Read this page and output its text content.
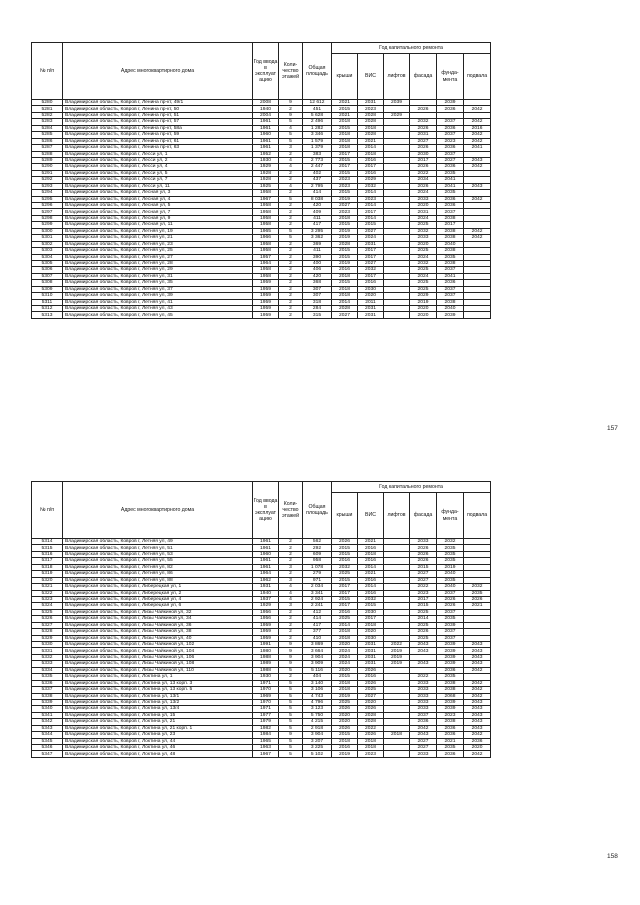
№ п/п	Адрес многоквартирного дома	Год ввода в эксплуат ацию	Коли-чество этажей	Общая площадь	Год капитального ремонта					
					крыши	ВИС	лифтов	фасада	фунда-мента	подвала
5280	Владимирская область, Ковров г, Ленина пр-кт, 49/1	2008	9	12 612	2021	2031	2039		2039	
5281	Владимирская область, Ковров г, Ленина пр-кт, 50	1940	2	451	2015	2023		2026	2036	2042
5282	Владимирская область, Ковров г, Ленина пр-кт, 51	2004	9	5 628	2021	2028	2029			
5283	Владимирская область, Ковров г, Ленина пр-кт, 57	1961	5	2 496	2018	2028		2032	2037	2042
5284	Владимирская область, Ковров г, Ленина пр-кт, 58а	1961	4	1 282	2015	2018		2026	2036	2016
5285	Владимирская область, Ковров г, Ленина пр-кт, 59	1960	5	3 346	2018	2028		2031	2037	2042
5286	Владимирская область, Ковров г, Ленина пр-кт, 61	1961	5	1 579	2018	2021		2027	2023	2042
5287	Владимирская область, Ковров г, Ленина пр-кт, 63	1961	3	1 379	2018	2014		2026	2036	2041
5288	Владимирская область, Ковров г, Лесси ул, 1	1952	2	383	2017	2018		2030	2037	
5289	Владимирская область, Ковров г, Лесси ул, 2	1930	4	2 773	2015	2016		2017	2027	2043
5290	Владимирская область, Ковров г, Лесси ул, 4	1929	4	2 447	2017	2017		2026	2036	2042
5291	Владимирская область, Ковров г, Лесси ул, 5	1928	2	402	2015	2016		2022	2035	
5292	Владимирская область, Ковров г, Лесси ул, 7	1928	2	437	2023	2029		2034	2041	
5293	Владимирская область, Ковров г, Лесси ул, 11	1925	4	2 795	2023	2032		2026	2041	2043
5294	Владимирская область, Ковров г, Лесная ул, 3	1958	2	414	2015	2014		2024	2035	
5295	Владимирская область, Ковров г, Лесная ул, 4	1967	5	8 038	2019	2023		2033	2036	2042
5296	Владимирская область, Ковров г, Лесная ул, 5	1958	2	420	2027	2014		2020	2036	
5297	Владимирская область, Ковров г, Лесная ул, 7	1958	2	409	2023	2017		2031	2037	
5298	Владимирская область, Ковров г, Лесная ул, 9	1958	2	411	2018	2014		2024	2038	
5299	Владимирская область, Ковров г, Лесная ул, 11	1958	2	417	2015	2015		2025	2017	
5300	Владимирская область, Ковров г, Летняя ул, 19	1965	5	3 295	2019	2027		2032	2038	2042
5301	Владимирская область, Ковров г, Летняя ул, 21	1966	5	3 362	2019	2024		2033	2038	2042
5302	Владимирская область, Ковров г, Летняя ул, 23	1958	2	369	2028	2031		2020	2040	
5303	Владимирская область, Ковров г, Летняя ул, 25	1958	2	411	2015	2017		2025	2038	
5304	Владимирская область, Ковров г, Летняя ул, 27	1957	2	390	2015	2017		2024	2035	
5305	Владимирская область, Ковров г, Летняя ул, 28	1964	2	400	2019	2027		2032	2038	
5306	Владимирская область, Ковров г, Летняя ул, 29	1958	2	406	2016	2032		2025	2037	
5307	Владимирская область, Ковров г, Летняя ул, 31	1958	2	420	2018	2017		2024	2041	
5308	Владимирская область, Ковров г, Летняя ул, 35	1959	2	368	2015	2016		2025	2036	
5309	Владимирская область, Ковров г, Летняя ул, 37	1959	2	307	2018	2030		2025	2037	
5310	Владимирская область, Ковров г, Летняя ул, 39	1959	2	307	2018	2020		2029	2037	
5311	Владимирская область, Ковров г, Летняя ул, 41	1959	2	318	2014	2011		2019	2038	
5312	Владимирская область, Ковров г, Летняя ул, 43	1959	2	284	2028	2031		2020	2040	
5313	Владимирская область, Ковров г, Летняя ул, 45	1959	2	315	2027	2031		2020	2039	
157
№ п/п	Адрес многоквартирного дома	Год ввода в эксплуат ацию	Коли-чество этажей	Общая площадь	Год капитального ремонта					
					крыши	ВИС	лифтов	фасада	фунда-мента	подвала
5314	Владимирская область, Ковров г, Летняя ул, 49	1961	2	562	2026	2021		2033	2032	
5315	Владимирская область, Ковров г, Летняя ул, 51	1961	2	292	2015	2016		2026	2035	
5316	Владимирская область, Ковров г, Летняя ул, 53	1960	2	609	2015	2018		2026	2035	
5317	Владимирская область, Ковров г, Летняя ул, 55	1961	2	958	2016	2016		2026	2035	
5318	Владимирская область, Ковров г, Летняя ул, 82	1961	3	1 078	2032	2014		2015	2019	
5319	Владимирская область, Ковров г, Летняя ул, 86	1964	2	279	2025	2021		2027	2040	
5320	Владимирская область, Ковров г, Летняя ул, 88	1962	3	971	2015	2016		2027	2035	
5321	Владимирская область, Ковров г, Либерецкая ул, 1	1931	4	2 034	2017	2014		2022	2040	2032
5322	Владимирская область, Ковров г, Либерецкая ул, 2	1940	4	3 341	2017	2016		2023	2037	2035
5323	Владимирская область, Ковров г, Либерецкая ул, 4	1937	4	2 924	2015	2032		2017	2026	2026
5324	Владимирская область, Ковров г, Либерецкая ул, 6	1929	3	2 241	2017	2015		2015	2026	2021
5325	Владимирская область, Ковров г, Лизы Чайкиной ул, 32	1956	2	412	2016	2030		2025	2037	
5326	Владимирская область, Ковров г, Лизы Чайкиной ул, 34	1956	2	414	2025	2017		2014	2035	
5327	Владимирская область, Ковров г, Лизы Чайкиной ул, 36	1959	2	417	2014	2018		2025	2039	
5328	Владимирская область, Ковров г, Лизы Чайкиной ул, 38	1959	2	377	2018	2020		2026	2037	
5329	Владимирская область, Ковров г, Лизы Чайкиной ул, 40	1959	2	410	2018	2030		2025	2037	
5330	Владимирская область, Ковров г, Лизы Чайкиной ул, 102	1991	9	3 869	2020	2031	2022	2043	2039	2043
5331	Владимирская область, Ковров г, Лизы Чайкиной ул, 104	1980	9	3 664	2024	2031	2019	2043	2039	2043
5332	Владимирская область, Ковров г, Лизы Чайкиной ул, 106	1988	9	3 904	2024	2031	2019		2039	2043
5333	Владимирская область, Ковров г, Лизы Чайкиной ул, 108	1989	9	3 909	2024	2031	2019	2043	2039	2043
5334	Владимирская область, Ковров г, Лизы Чайкиной ул, 110	1988	5	5 116	2020	2026			2036	2042
5335	Владимирская область, Ковров г, Локтина ул, 1	1930	2	404	2015	2016		2022	2035	
5336	Владимирская область, Ковров г, Локтина ул, 13 корп. 3	1971	5	3 140	2018	2026		2033	2038	2042
5337	Владимирская область, Ковров г, Локтина ул, 13 корп. 5	1970	5	3 106	2018	2025		2033	2038	2042
5338	Владимирская область, Ковров г, Локтина ул, 13/1	1969	5	4 743	2019	2027		2033	2068	2042
5339	Владимирская область, Ковров г, Локтина ул, 13/2	1970	5	4 796	2025	2020		2033	2039	2043
5340	Владимирская область, Ковров г, Локтина ул, 13/4	1971	5	3 123	2026	2026		2033	2039	2043
5341	Владимирская область, Ковров г, Локтина ул, 15	1977	5	5 750	2020	2028		2037	2023	2043
5342	Владимирская область, Ковров г, Локтина ул, 21	1979	5	4 215	2020	2028		2036	2038	2043
5343	Владимирская область, Ковров г, Локтина ул, 21 корп. 1	1982	5	2 918	2026	2022		2042	2036	2043
5344	Владимирская область, Ковров г, Локтина ул, 23	1984	9	3 904	2015	2026	2018	2043	2036	2042
5345	Владимирская область, Ковров г, Локтина ул, 44	1965	5	3 207	2018	2018		2027	2021	2036
5346	Владимирская область, Ковров г, Локтина ул, 46	1963	5	3 225	2016	2018		2027	2035	2020
5347	Владимирская область, Ковров г, Локтина ул, 48	1967	5	5 102	2019	2023		2033	2036	2042
158
